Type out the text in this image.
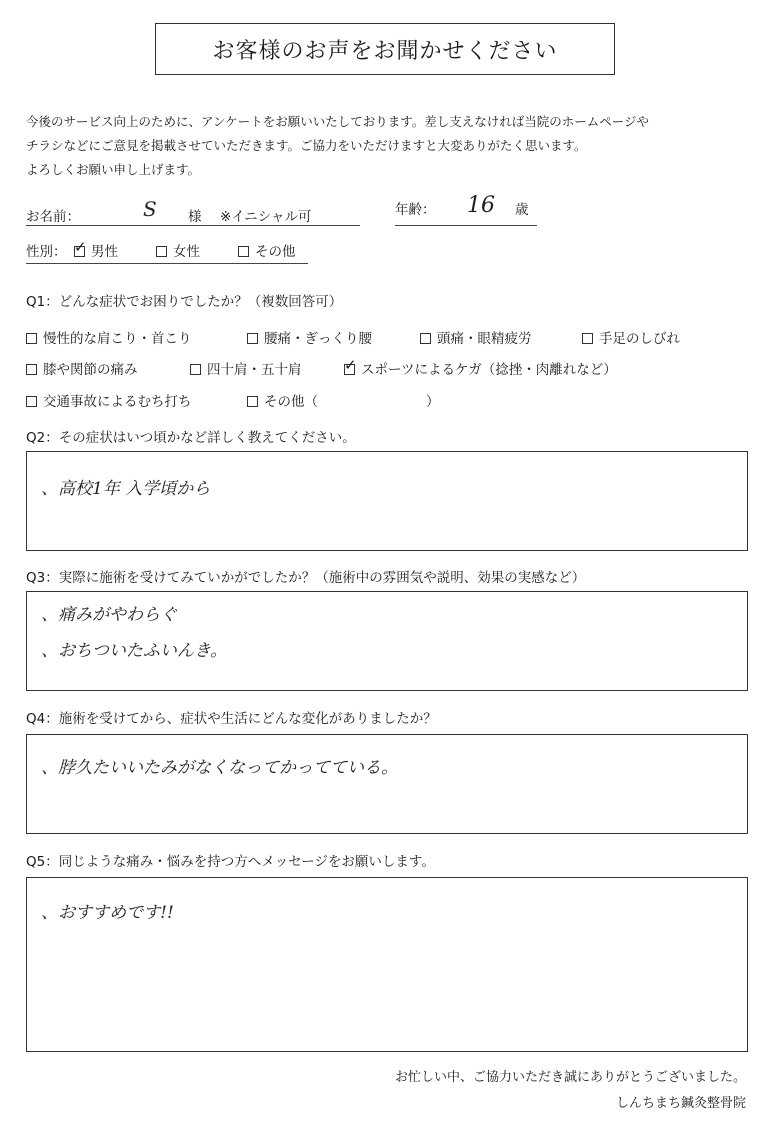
お客様のお声をお聞かせください
今後のサービス向上のために、アンケートをお願いいたしております。差し支えなければ当院のホームページや
チラシなどにご意見を掲載させていただきます。ご協力をいただけますと大変ありがたく思います。
よろしくお願い申し上げます。
お名前：	S 様 ※イニシャル可	年齢： 16 歳
性別： ✓	男性	女性	その他
Q1：どんな症状でお困りでしたか？（複数回答可）
慢性的な肩こり・首こり	腰痛・ぎっくり腰	頭痛・眼精疲労	手足のしびれ
膝や関節の痛み	四十肩・五十肩 ✓	スポーツによるケガ（捻挫・肉離れなど）
交通事故によるむち打ち	その他（　　　　　　　　）
Q2：その症状はいつ頃かなど詳しく教えてください。
、高校1年 入学頃から
Q3：実際に施術を受けてみていかがでしたか？（施術中の雰囲気や説明、効果の実感など）
、痛みがやわらぐ
、おちついたふいんき。
Q4：施術を受けてから、症状や生活にどんな変化がありましたか？
、脖久たいいたみがなくなってかってている。
Q5：同じような痛み・悩みを持つ方へメッセージをお願いします。
、おすすめです!!
お忙しい中、ご協力いただき誠にありがとうございました。
しんちまち鍼灸整骨院
